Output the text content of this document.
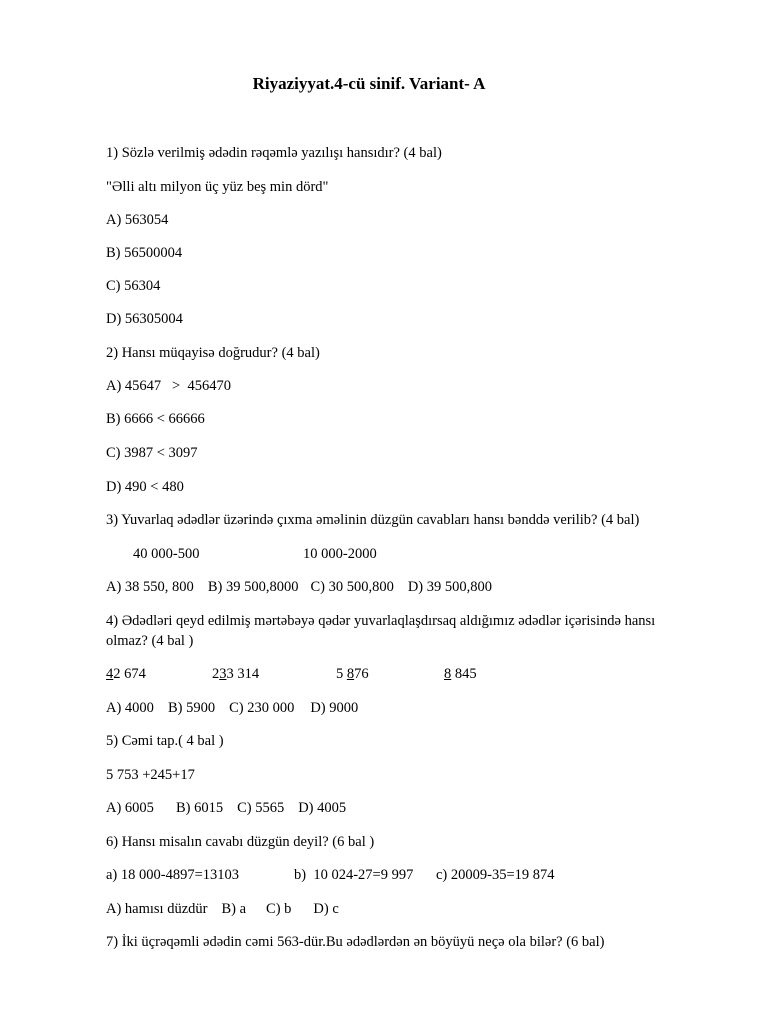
Riyaziyyat.4-cü sinif. Variant- A
1) Sözlə verilmiş ədədin rəqəmlə yazılışı hansıdır? (4 bal)
"Əlli altı milyon üç yüz beş min dörd"
A) 563054
B) 56500004
C) 56304
D) 56305004
2) Hansı müqayisə doğrudur? (4 bal)
A) 45647   >  456470
B) 6666 < 66666
C) 3987 < 3097
D) 490 < 480
3) Yuvarlaq ədədlər üzərində çıxma əməlinin düzgün cavabları hansı bənddə verilib? (4 bal)
40 000-500	10 000-2000
A) 38 550, 800 B) 39 500,8000 C) 30 500,800 D) 39 500,800
4) Ədədləri qeyd edilmiş mərtəbəyə qədər yuvarlaqlaşdırsaq aldığımız ədədlər içərisində hansı olmaz? (4 bal )
42 674	233 314	5 876	8 845
A) 4000 B) 5900 C) 230 000 D) 9000
5) Cəmi tap.( 4 bal )
5 753 +245+17
A) 6005 B) 6015 C) 5565 D) 4005
6) Hansı misalın cavabı düzgün deyil? (6 bal )
a) 18 000-4897=13103	b)  10 024-27=9 997 c) 20009-35=19 874
A) hamısı düzdür B) a C) b D) c
7) İki üçrəqəmli ədədin cəmi 563-dür.Bu ədədlərdən ən böyüyü neçə ola bilər? (6 bal)
